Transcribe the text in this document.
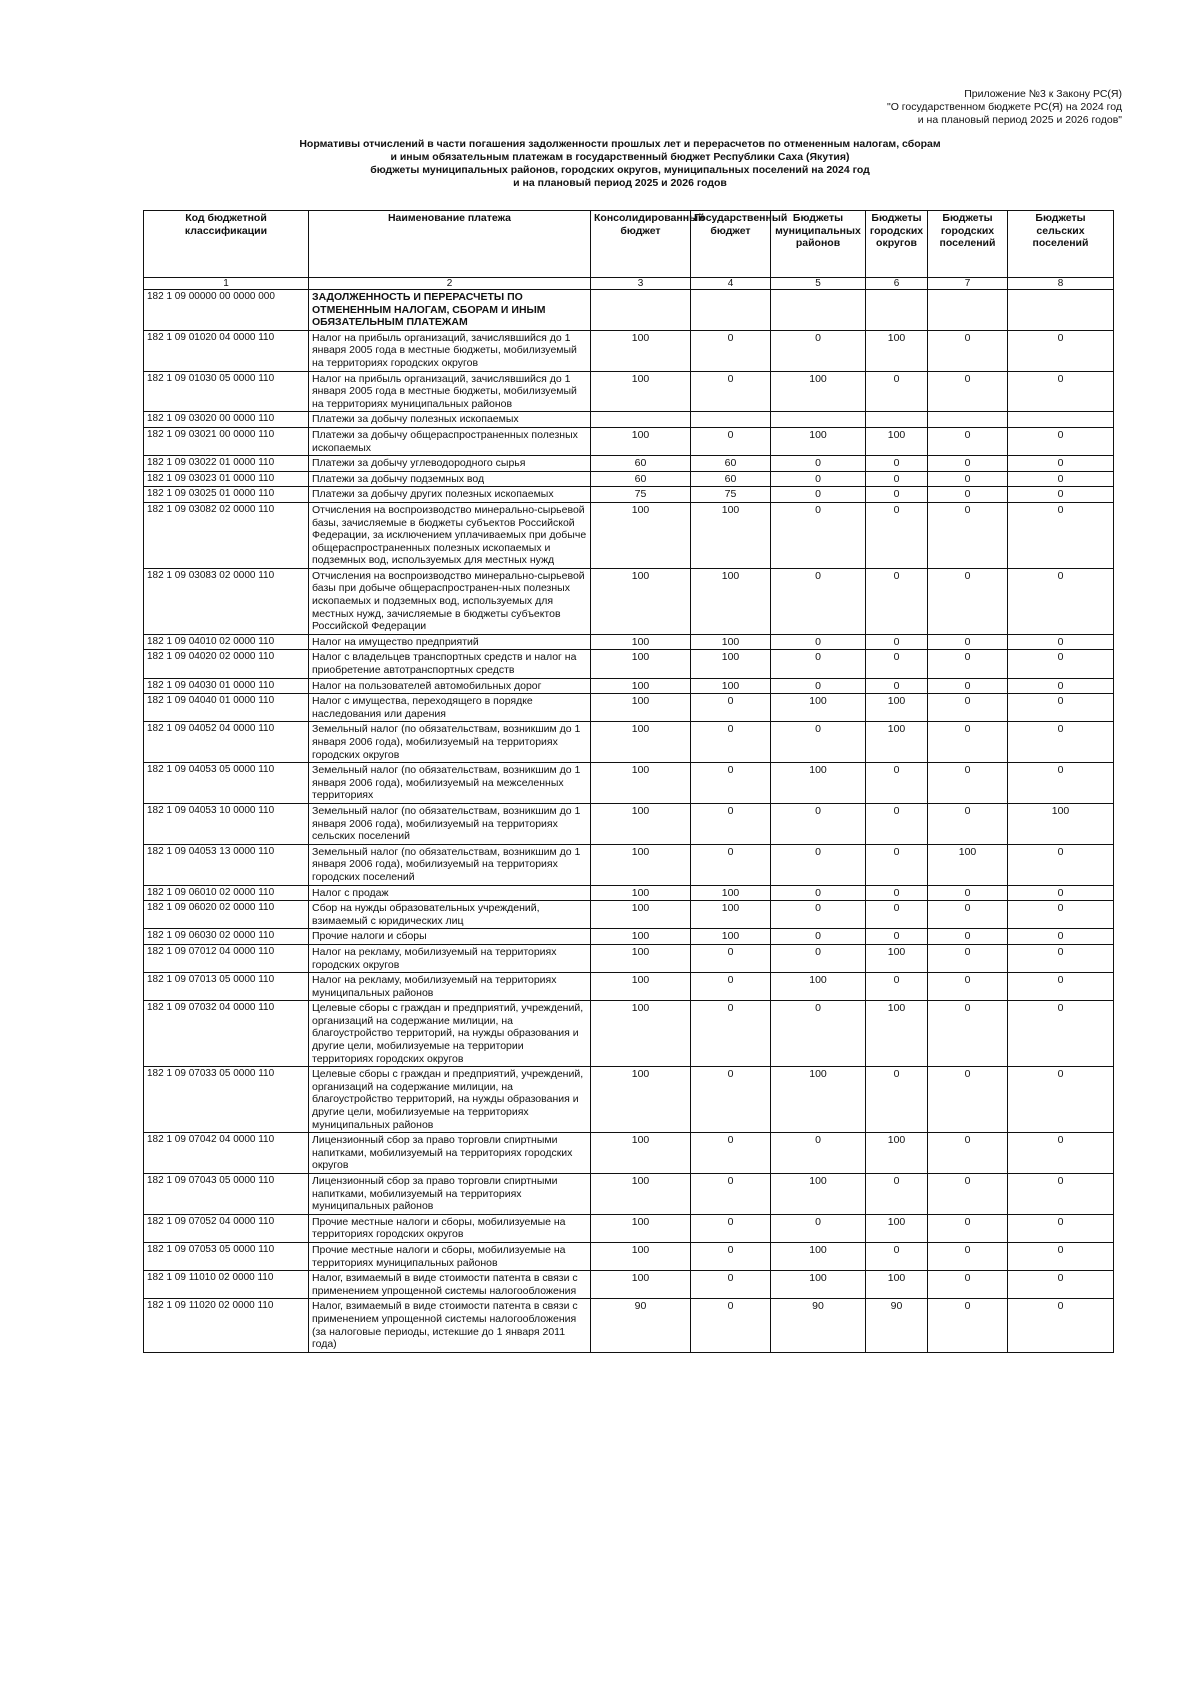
Приложение №3 к Закону РС(Я)
"О государственном бюджете РС(Я) на 2024 год
и на плановый период 2025 и 2026 годов"
Нормативы отчислений в части погашения задолженности прошлых лет и перерасчетов по отмененным налогам, сборам
и иным обязательным платежам в государственный бюджет Республики Саха (Якутия)
бюджеты муниципальных районов, городских округов, муниципальных поселений на 2024 год
и на плановый период 2025 и 2026 годов
Код бюджетной классификации	Наименование платежа	Консолидированный бюджет	Государственный бюджет	Бюджеты муниципальных районов	Бюджеты городских округов	Бюджеты городских поселений	Бюджеты сельских поселений
1	2	3	4	5	6	7	8
182 1 09 00000 00 0000 000	ЗАДОЛЖЕННОСТЬ И ПЕРЕРАСЧЕТЫ ПО ОТМЕНЕННЫМ НАЛОГАМ, СБОРАМ И ИНЫМ ОБЯЗАТЕЛЬНЫМ ПЛАТЕЖАМ						
182 1 09 01020 04 0000 110	Налог на прибыль организаций, зачислявшийся до 1 января 2005 года в местные бюджеты, мобилизуемый на территориях городских округов	100	0	0	100	0	0
182 1 09 01030 05 0000 110	Налог на прибыль организаций, зачислявшийся до 1 января 2005 года в местные бюджеты, мобилизуемый на территориях муниципальных районов	100	0	100	0	0	0
182 1 09 03020 00 0000 110	Платежи за добычу полезных ископаемых						
182 1 09 03021 00 0000 110	Платежи за добычу общераспространенных полезных ископаемых	100	0	100	100	0	0
182 1 09 03022 01 0000 110	Платежи за добычу углеводородного сырья	60	60	0	0	0	0
182 1 09 03023 01 0000 110	Платежи за добычу подземных вод	60	60	0	0	0	0
182 1 09 03025 01 0000 110	Платежи за добычу других полезных ископаемых	75	75	0	0	0	0
182 1 09 03082 02 0000 110	Отчисления на воспроизводство минерально-сырьевой базы, зачисляемые в бюджеты субъектов Российской Федерации, за исключением уплачиваемых при добыче общераспространенных полезных ископаемых и подземных вод, используемых для местных нужд	100	100	0	0	0	0
182 1 09 03083 02 0000 110	Отчисления на воспроизводство минерально-сырьевой базы при добыче общераспространен-ных полезных ископаемых и подземных вод, используемых для местных нужд, зачисляемые в бюджеты субъектов Российской Федерации	100	100	0	0	0	0
182 1 09 04010 02 0000 110	Налог на имущество предприятий	100	100	0	0	0	0
182 1 09 04020 02 0000 110	Налог с владельцев транспортных средств и налог на приобретение автотранспортных средств	100	100	0	0	0	0
182 1 09 04030 01 0000 110	Налог на пользователей автомобильных дорог	100	100	0	0	0	0
182 1 09 04040 01 0000 110	Налог с имущества, переходящего в порядке наследования или дарения	100	0	100	100	0	0
182 1 09 04052 04 0000 110	Земельный налог (по обязательствам, возникшим до 1 января 2006 года), мобилизуемый на территориях городских округов	100	0	0	100	0	0
182 1 09 04053 05 0000 110	Земельный налог (по обязательствам, возникшим до 1 января 2006 года), мобилизуемый на межселенных территориях	100	0	100	0	0	0
182 1 09 04053 10 0000 110	Земельный налог (по обязательствам, возникшим до 1 января 2006 года), мобилизуемый на территориях сельских поселений	100	0	0	0	0	100
182 1 09 04053 13 0000 110	Земельный налог (по обязательствам, возникшим до 1 января 2006 года), мобилизуемый на территориях городских поселений	100	0	0	0	100	0
182 1 09 06010 02 0000 110	Налог с продаж	100	100	0	0	0	0
182 1 09 06020 02 0000 110	Сбор на нужды образовательных учреждений, взимаемый с юридических лиц	100	100	0	0	0	0
182 1 09 06030 02 0000 110	Прочие налоги и сборы	100	100	0	0	0	0
182 1 09 07012 04 0000 110	Налог на рекламу, мобилизуемый на территориях городских округов	100	0	0	100	0	0
182 1 09 07013 05 0000 110	Налог на рекламу, мобилизуемый на территориях муниципальных районов	100	0	100	0	0	0
182 1 09 07032 04 0000 110	Целевые сборы с граждан и предприятий, учреждений, организаций на содержание милиции, на благоустройство территорий, на нужды образования и другие цели, мобилизуемые на территории территориях городских округов	100	0	0	100	0	0
182 1 09 07033 05 0000 110	Целевые сборы с граждан и предприятий, учреждений, организаций на содержание милиции, на благоустройство территорий, на нужды образования и другие цели, мобилизуемые на территориях муниципальных районов	100	0	100	0	0	0
182 1 09 07042 04 0000 110	Лицензионный сбор за право торговли спиртными напитками, мобилизуемый на территориях городских округов	100	0	0	100	0	0
182 1 09 07043 05 0000 110	Лицензионный сбор за право торговли спиртными напитками, мобилизуемый на территориях муниципальных районов	100	0	100	0	0	0
182 1 09 07052 04 0000 110	Прочие местные налоги и сборы, мобилизуемые на территориях городских округов	100	0	0	100	0	0
182 1 09 07053 05 0000 110	Прочие местные налоги и сборы, мобилизуемые на территориях муниципальных районов	100	0	100	0	0	0
182 1 09 11010 02 0000 110	Налог, взимаемый в виде стоимости патента в связи с применением упрощенной системы налогообложения	100	0	100	100	0	0
182 1 09 11020 02 0000 110	Налог, взимаемый в виде стоимости патента в связи с применением упрощенной системы налогообложения (за налоговые периоды, истекшие до 1 января 2011 года)	90	0	90	90	0	0
